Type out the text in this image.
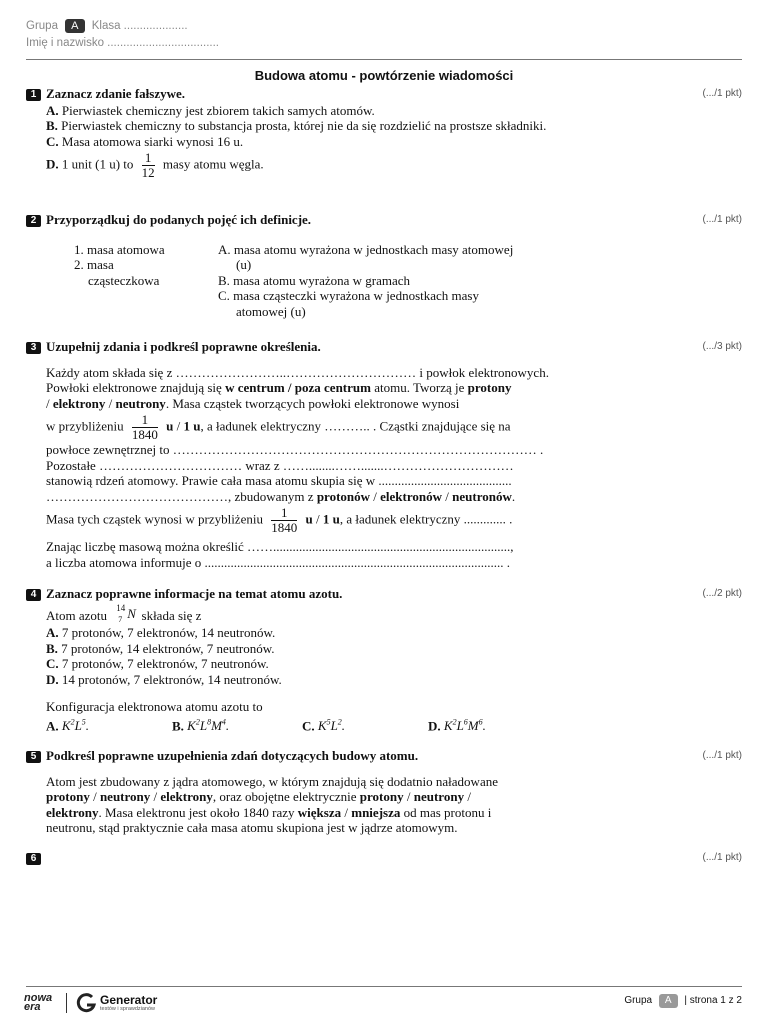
Grupa A Klasa ....................
Imię i nazwisko ...................................
Budowa atomu - powtórzenie wiadomości
1 Zaznacz zdanie fałszywe.	(.../1 pkt)
A. Pierwiastek chemiczny jest zbiorem takich samych atomów.
B. Pierwiastek chemiczny to substancja prosta, której nie da się rozdzielić na prostsze składniki.
C. Masa atomowa siarki wynosi 16 u.
D. 1 unit (1 u) to $\frac{1}{12}$ masy atomu węgla.
2 Przyporządkuj do podanych pojęć ich definicje.	(.../1 pkt)
1. masa atomowa
2. masa
cząsteczkowa
A. masa atomu wyrażona w jednostkach masy atomowej
(u)
B. masa atomu wyrażona w gramach
C. masa cząsteczki wyrażona w jednostkach masy
atomowej (u)
3 Uzupełnij zdania i podkreśl poprawne określenia.	(.../3 pkt)
Każdy atom składa się z ……………………..………………………… i powłok elektronowych.
Powłoki elektronowe znajdują się w centrum / poza centrum atomu. Tworzą je protony
/ elektrony / neutrony. Masa cząstek tworzących powłoki elektronowe wynosi
w przybliżeniu $\frac{1}{1840}$ u / 1 u, a ładunek elektryczny ……….. . Cząstki znajdujące się na
powłoce zewnętrznej to ………………………………………………………………………… .
Pozostałe …………………………… wraz z ……........…….......…………………………
stanowią rdzeń atomowy. Prawie cała masa atomu skupia się w .........................................
……………………………………, zbudowanym z protonów / elektronów / neutronów.
Masa tych cząstek wynosi w przybliżeniu $\frac{1}{1840}$ u / 1 u, a ładunek elektryczny ............. .
Znając liczbę masową można określić …….........................................................................,
a liczba atomowa informuje o ............................................................................................ .
4 Zaznacz poprawne informacje na temat atomu azotu.	(.../2 pkt)
Atom azotu 14
7 N składa się z
A. 7 protonów, 7 elektronów, 14 neutronów.
B. 7 protonów, 14 elektronów, 7 neutronów.
C. 7 protonów, 7 elektronów, 7 neutronów.
D. 14 protonów, 7 elektronów, 14 neutronów.
Konfiguracja elektronowa atomu azotu to
A. $K^2L^5$.	B. $K^2L^8M^4$.	C. $K^5L^2$.	D. $K^2L^6M^6$.
5 Podkreśl poprawne uzupełnienia zdań dotyczących budowy atomu.	(.../1 pkt)
Atom jest zbudowany z jądra atomowego, w którym znajdują się dodatnio naładowane
protony / neutrony / elektrony, oraz obojętne elektrycznie protony / neutrony /
elektrony. Masa elektronu jest około 1840 razy większa / mniejsza od mas protonu i
neutronu, stąd praktycznie cała masa atomu skupiona jest w jądrze atomowym.
6	(.../1 pkt)
nowa era
Generator
testów i sprawdzianów
Grupa A | strona 1 z 2
